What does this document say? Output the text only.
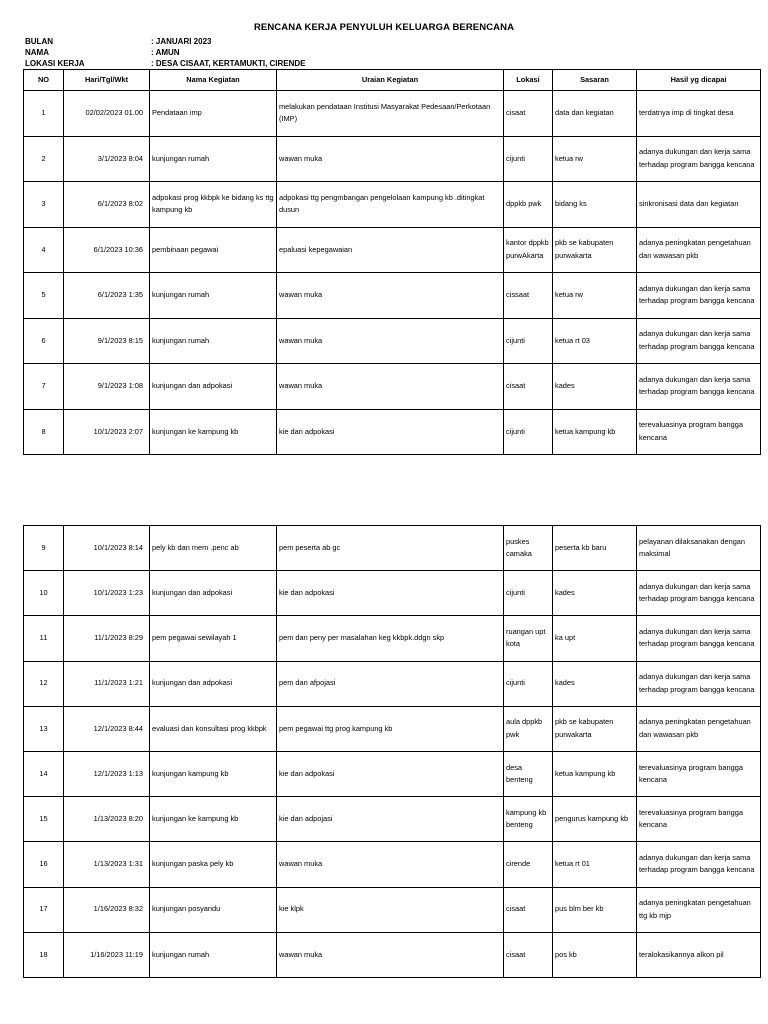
RENCANA KERJA PENYULUH KELUARGA BERENCANA
BULAN	: JANUARI 2023
NAMA	: AMUN
LOKASI KERJA	: DESA CISAAT, KERTAMUKTI, CIRENDE
NO	Hari/Tgl/Wkt	Nama Kegiatan	Uraian Kegiatan	Lokasi	Sasaran	Hasil yg dicapai
1	02/02/2023 01.00	Pendataan imp	melakukan pendataan Institusi Masyarakat Pedesaan/Perkotaan (IMP)	cisaat	data dan kegiatan	terdatnya imp di tingkat desa
2	3/1/2023 8:04	kunjungan rumah	wawan muka	cijunti	ketua rw	adanya dukungan dan kerja sama terhadap program bangga kencana
3	6/1/2023 8:02	adpokasi prog kkbpk ke bidang ks ttg kampung kb	adpokasi ttg pengmbangan pengelolaan kampung kb .ditingkat dusun	dppkb pwk	bidang ks	sinkronisasi data dan kegiatan
4	6/1/2023 10:36	pembinaan pegawai	epaluasi kepegawaian	kantor dppkb purwAkarta	pkb se kabupaten purwakarta	adanya peningkatan pengetahuan dan wawasan pkb
5	6/1/2023 1:35	kunjungan rumah	wawan muka	cissaat	ketua rw	adanya dukungan dan kerja sama terhadap program bangga kencana
6	9/1/2023 8:15	kunjungan rumah	wawan muka	cijunti	ketua rt 03	adanya dukungan dan kerja sama terhadap program bangga kencana
7	9/1/2023 1:08	kunjungan dan adpokasi	wawan muka	cisaat	kades	adanya dukungan dan kerja sama terhadap program bangga kencana
8	10/1/2023 2:07	kunjungan ke kampung kb	kie dan adpokasi	cijunti	ketua kampung kb	terevaluasinya program bangga kencana
9	10/1/2023 8:14	pely kb dan mem .penc ab	pem peserta ab gc	puskes camaka	peserta kb baru	pelayanan dilaksanakan dengan maksimal
10	10/1/2023 1:23	kunjungan dan adpokasi	kie dan adpokasi	cijunti	kades	adanya dukungan dan kerja sama terhadap program bangga kencana
11	11/1/2023 8:29	pem pegawai sewilayah 1	pem dan peny per masalahan keg kkbpk.ddgn skp	ruangan upt kota	ka upt	adanya dukungan dan kerja sama terhadap program bangga kencana
12	11/1/2023 1:21	kunjungan dan adpokasi	pem dan afpojasi	cijunti	kades	adanya dukungan dan kerja sama terhadap program bangga kencana
13	12/1/2023 8:44	evaluasi dan konsultasi prog kkbpk	pem pegawai ttg prog kampung kb	aula dppkb pwk	pkb se kabupaten purwakarta	adanya peningkatan pengetahuan dan wawasan pkb
14	12/1/2023 1:13	kunjungan kampung kb	kie dan adpokasi	desa benteng	ketua kampung kb	terevaluasinya program bangga kencana
15	1/13/2023 8:20	kunjungan ke kampung kb	kie dan adpojasi	kampung kb benteng	pengurus kampung kb	terevaluasinya program bangga kencana
16	1/13/2023 1:31	kunjungan paska pely kb	wawan muka	cirende	ketua rt 01	adanya dukungan dan kerja sama terhadap program bangga kencana
17	1/16/2023 8:32	kunjungan posyandu	kie klpk	cisaat	pus blm ber kb	adanya peningkatan pengetahuan ttg kb mjp
18	1/16/2023 11:19	kunjungan rumah	wawan muka	cisaat	pos kb	teralokasikannya alkon pil
